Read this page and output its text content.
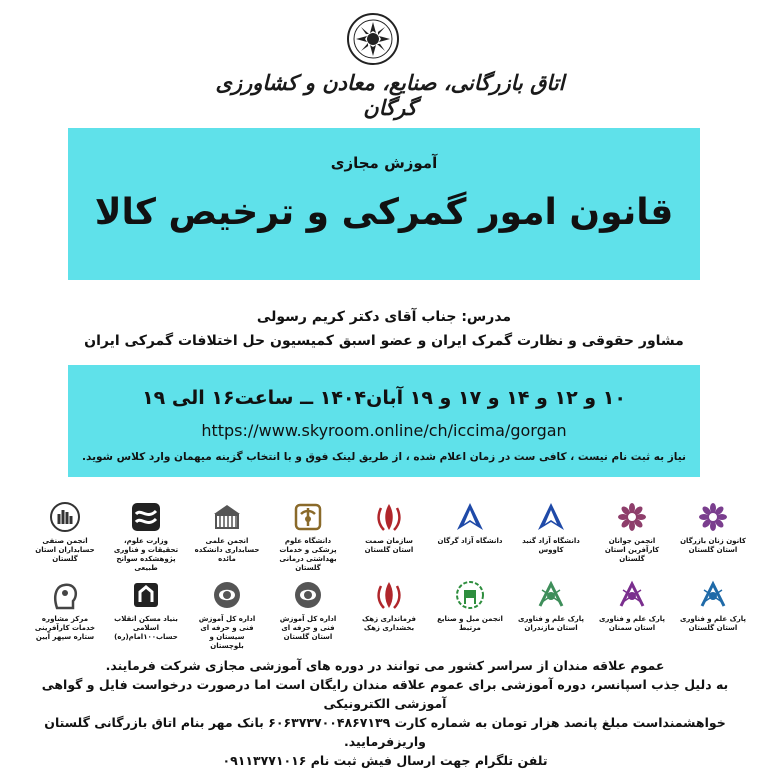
اتاق بازرگانی، صنایع، معادن و کشاورزی گرگان
آموزش مجازی
قانون امور گمرکی و ترخیص کالا
مدرس: جناب آقای دکتر کریم رسولی
مشاور حقوقی و نظارت گمرک ایران و عضو اسبق کمیسیون حل اختلافات گمرکی ایران
۱۰ و ۱۲ و ۱۴ و ۱۷ و ۱۹ آبان۱۴۰۴ ــ ساعت۱۶ الی ۱۹
https://www.skyroom.online/ch/iccima/gorgan
نیاز به ثبت نام نیست ، کافی ست در زمان اعلام شده ، از طریق لینک فوق و با انتخاب گزینه میهمان وارد کلاس شوید.
کانون زنان بازرگان استان گلستان
انجمن جوانان کارآفرین استان گلستان
دانشگاه آزاد گنبد کاووس
دانشگاه آزاد گرگان
سازمان صمت استان گلستان
دانشگاه علوم پزشکی و خدمات بهداشتی درمانی گلستان
انجمن علمی حسابداری دانشکده مائده
وزارت علوم، تحقیقات و فناوری پژوهشکده سوانح طبیعی
انجمن صنفی حسابداران استان گلستان
پارک علم و فناوری استان گلستان
پارک علم و فناوری استان سمنان
پارک علم و فناوری استان مازندران
انجمن مبل و صنایع مرتبط
فرمانداری زهک بخشداری زهک
اداره کل آموزش فنی و حرفه ای استان گلستان
اداره کل آموزش فنی و حرفه ای سیستان و بلوچستان
بنیاد مسکن انقلاب اسلامی حساب۱۰۰امام(ره)
مرکز مشاوره خدمات کارآفرینی ستاره سپهر آیین

عموم علاقه مندان از سراسر کشور می توانند در دوره های آموزشی مجازی شرکت فرمایند.

به دلیل جذب اسپانسر، دوره آموزشی برای عموم علاقه مندان رایگان است اما درصورت درخواست فایل و گواهی آموزشی الکترونیکی

خواهشمنداست مبلغ پانصد هزار تومان به شماره کارت ۶۰۶۳۷۳۷۰۰۴۸۶۷۱۳۹ بانک مهر بنام اتاق بازرگانی گلستان واریزفرمایید.

تلفن تلگرام جهت ارسال فیش ثبت نام ۰۹۱۱۳۷۷۱۰۱۶
